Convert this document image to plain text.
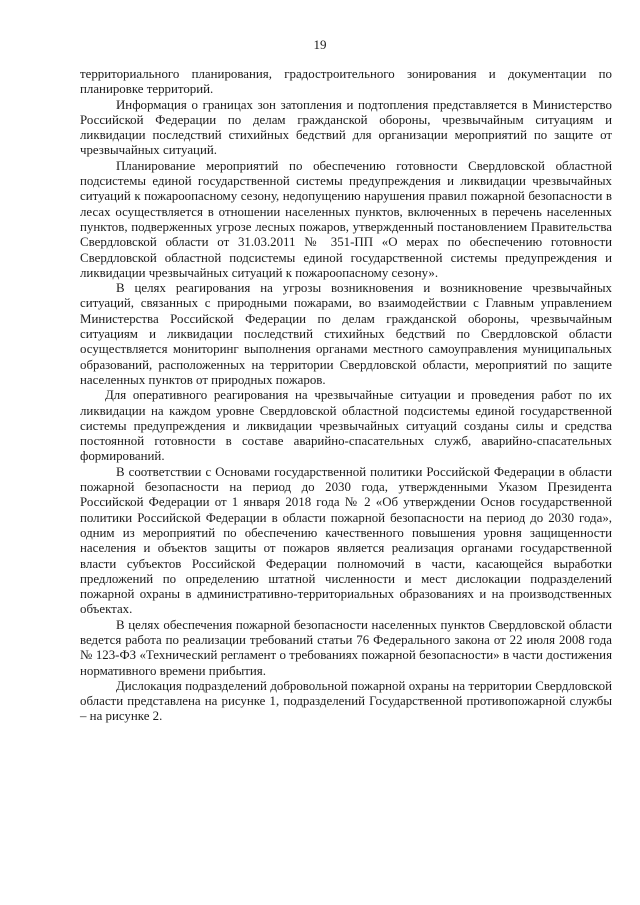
19

территориального планирования, градостроительного зонирования и документации по планировке территорий.

Информация о границах зон затопления и подтопления представляется в Министерство Российской Федерации по делам гражданской обороны, чрезвычайным ситуациям и ликвидации последствий стихийных бедствий для организации мероприятий по защите от чрезвычайных ситуаций.

Планирование мероприятий по обеспечению готовности Свердловской областной подсистемы единой государственной системы предупреждения и ликвидации чрезвычайных ситуаций к пожароопасному сезону, недопущению нарушения правил пожарной безопасности в лесах осуществляется в отношении населенных пунктов, включенных в перечень населенных пунктов, подверженных угрозе лесных пожаров, утвержденный постановлением Правительства Свердловской области от 31.03.2011 № 351-ПП «О мерах по обеспечению готовности Свердловской областной подсистемы единой государственной системы предупреждения и ликвидации чрезвычайных ситуаций к пожароопасному сезону».

В целях реагирования на угрозы возникновения и возникновение чрезвычайных ситуаций, связанных с природными пожарами, во взаимодействии с Главным управлением Министерства Российской Федерации по делам гражданской обороны, чрезвычайным ситуациям и ликвидации последствий стихийных бедствий по Свердловской области осуществляется мониторинг выполнения органами местного самоуправления муниципальных образований, расположенных на территории Свердловской области, мероприятий по защите населенных пунктов от природных пожаров.

Для оперативного реагирования на чрезвычайные ситуации и проведения работ по их ликвидации на каждом уровне Свердловской областной подсистемы единой государственной системы предупреждения и ликвидации чрезвычайных ситуаций созданы силы и средства постоянной готовности в составе аварийно-спасательных служб, аварийно-спасательных формирований.

В соответствии с Основами государственной политики Российской Федерации в области пожарной безопасности на период до 2030 года, утвержденными Указом Президента Российской Федерации от 1 января 2018 года № 2 «Об утверждении Основ государственной политики Российской Федерации в области пожарной безопасности на период до 2030 года», одним из мероприятий по обеспечению качественного повышения уровня защищенности населения и объектов защиты от пожаров является реализация органами государственной власти субъектов Российской Федерации полномочий в части, касающейся выработки предложений по определению штатной численности и мест дислокации подразделений пожарной охраны в административно-территориальных образованиях и на производственных объектах.

В целях обеспечения пожарной безопасности населенных пунктов Свердловской области ведется работа по реализации требований статьи 76 Федерального закона от 22 июля 2008 года № 123-ФЗ «Технический регламент о требованиях пожарной безопасности» в части достижения нормативного времени прибытия.

Дислокация подразделений добровольной пожарной охраны на территории Свердловской области представлена на рисунке 1, подразделений Государственной противопожарной службы – на рисунке 2.
